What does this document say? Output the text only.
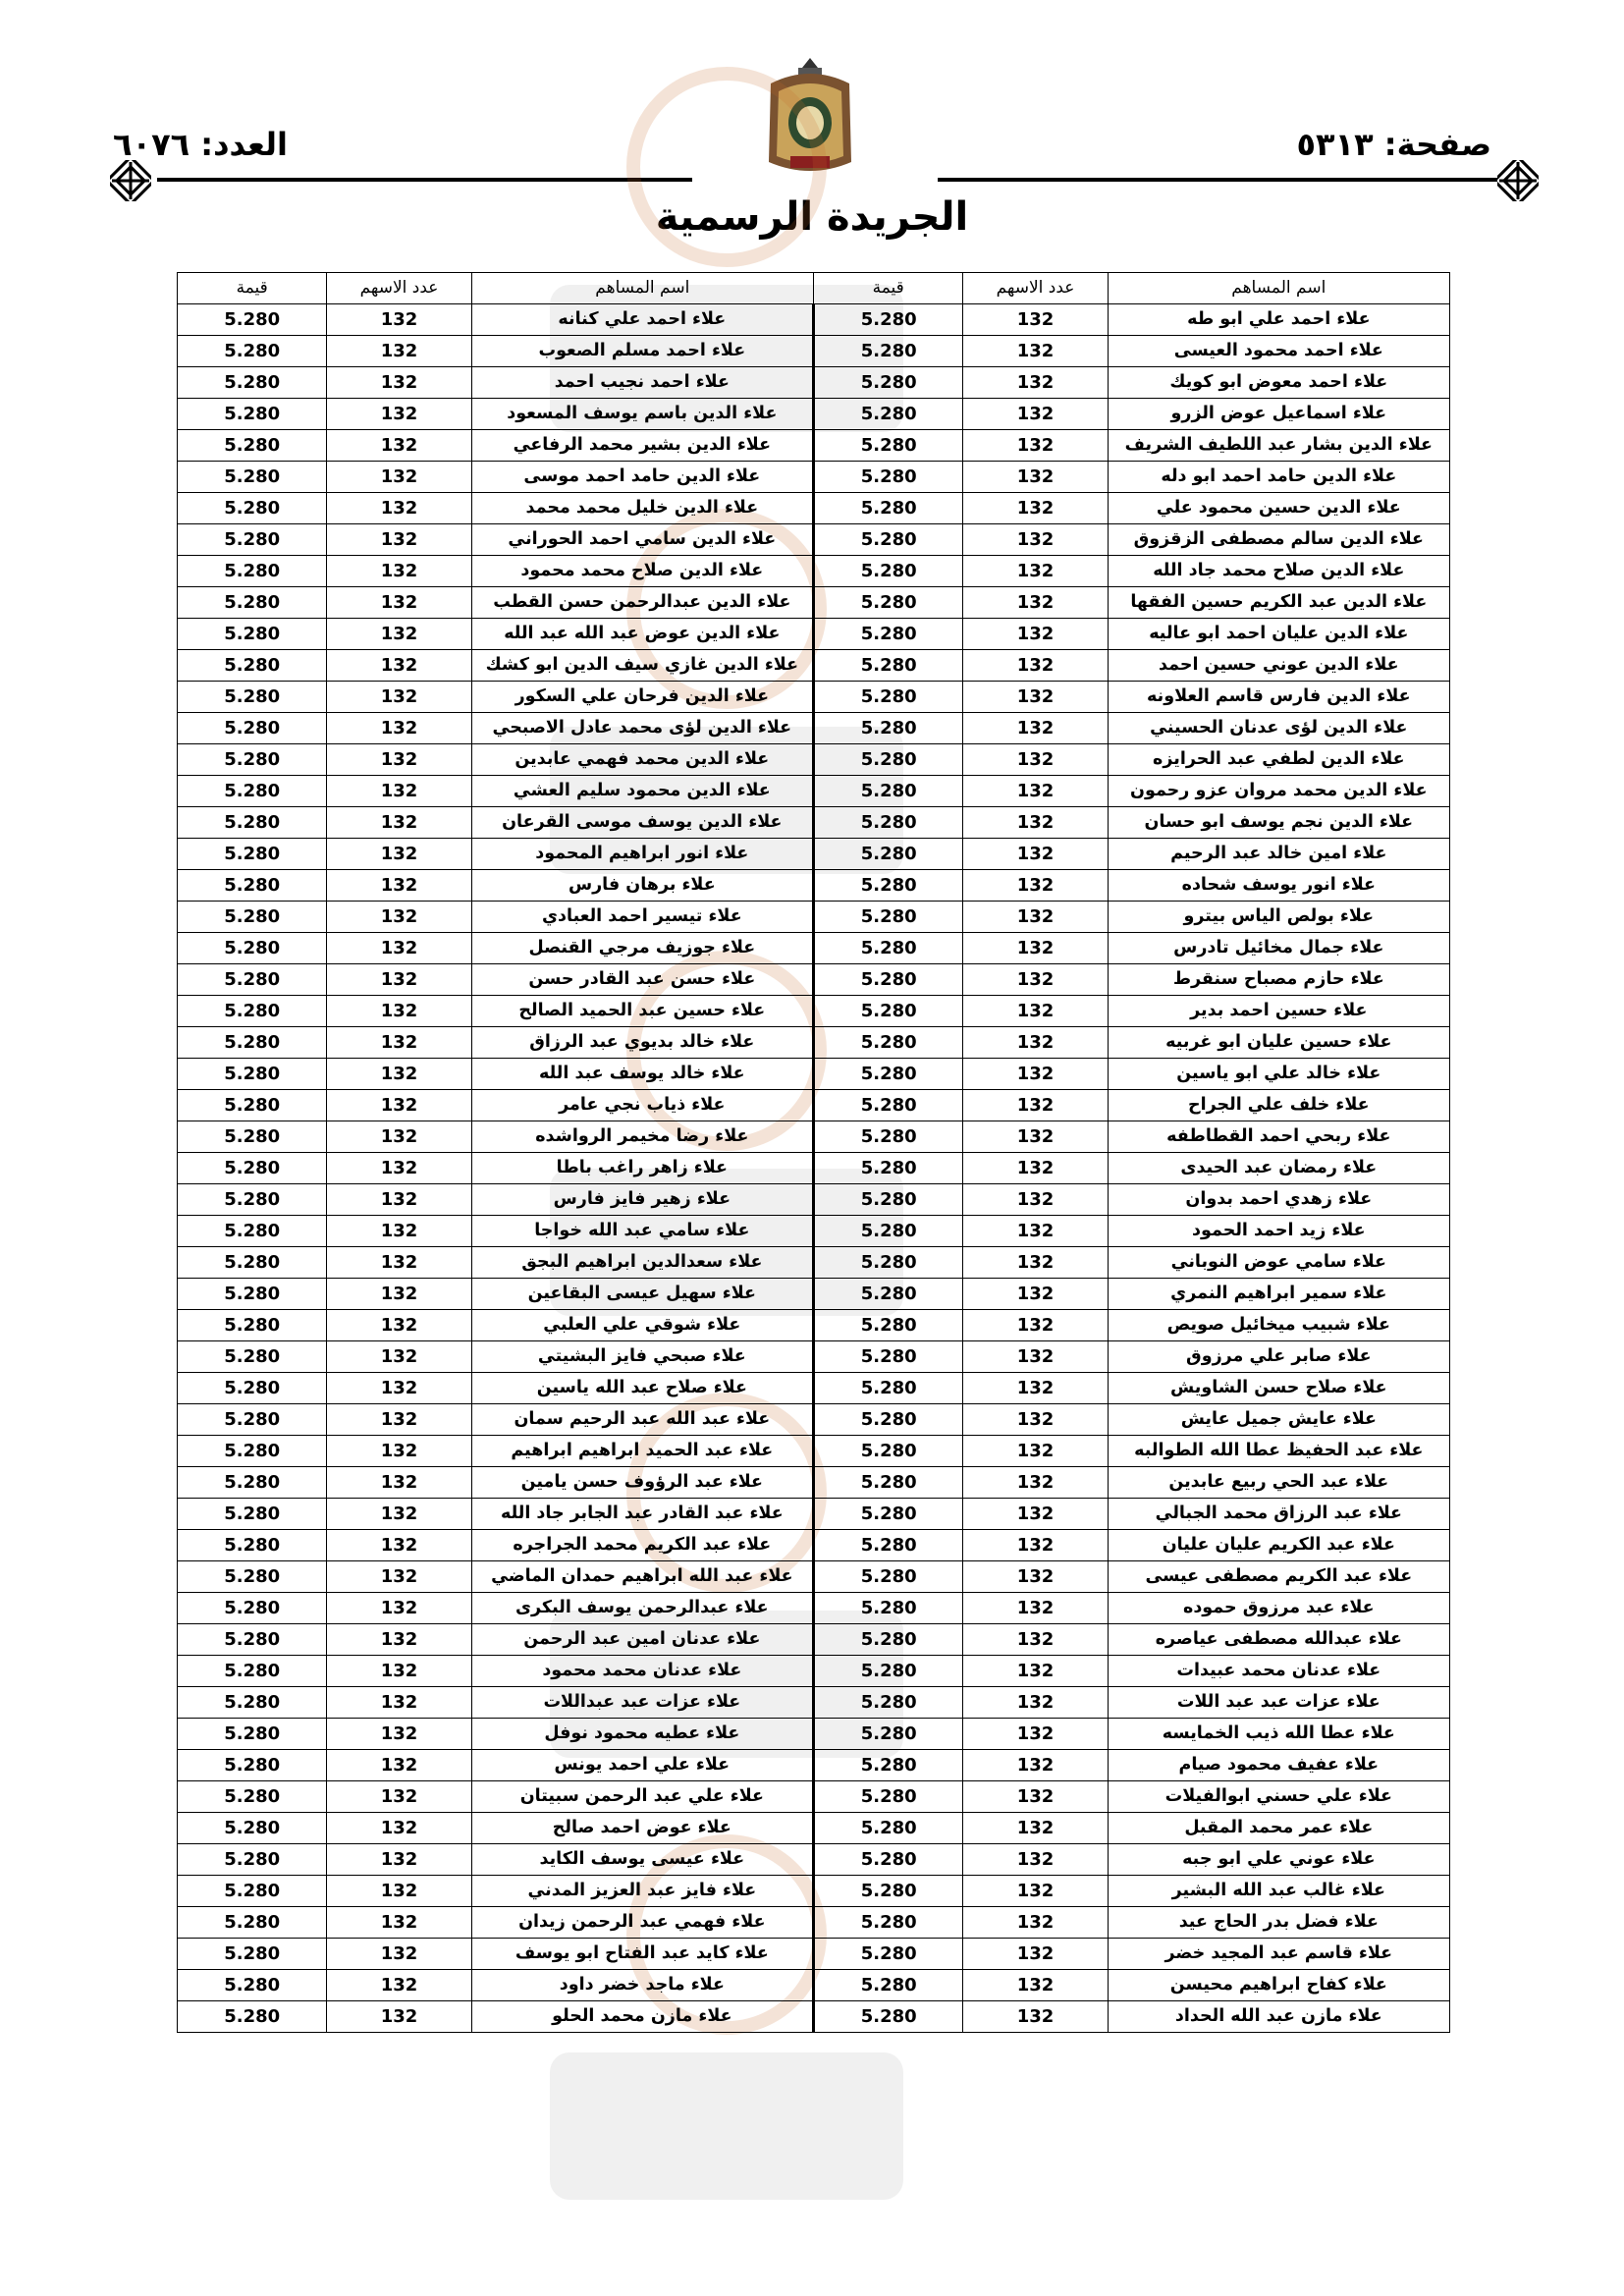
صفحة: ٥٣١٣
العدد: ٦٠٧٦
الجريدة الرسمية
اسم المساهم	عدد الاسهم	قيمة	اسم المساهم	عدد الاسهم	قيمة
علاء احمد علي ابو طه	132	5.280	علاء احمد علي كنانه	132	5.280
علاء احمد محمود العيسى	132	5.280	علاء احمد مسلم الصعوب	132	5.280
علاء احمد معوض ابو كويك	132	5.280	علاء احمد نجيب احمد	132	5.280
علاء اسماعيل عوض الزرو	132	5.280	علاء الدين باسم يوسف المسعود	132	5.280
علاء الدين بشار عبد اللطيف الشريف	132	5.280	علاء الدين بشير محمد الرفاعي	132	5.280
علاء الدين حامد احمد ابو دله	132	5.280	علاء الدين حامد احمد موسى	132	5.280
علاء الدين حسين محمود علي	132	5.280	علاء الدين خليل محمد محمد	132	5.280
علاء الدين سالم مصطفى الزقزوق	132	5.280	علاء الدين سامي احمد الحوراني	132	5.280
علاء الدين صلاح محمد جاد الله	132	5.280	علاء الدين صلاح محمد محمود	132	5.280
علاء الدين عبد الكريم حسين الفقها	132	5.280	علاء الدين عبدالرحمن حسن القطب	132	5.280
علاء الدين عليان احمد ابو عاليه	132	5.280	علاء الدين عوض عبد الله عبد الله	132	5.280
علاء الدين عوني حسين احمد	132	5.280	علاء الدين غازي سيف الدين ابو كشك	132	5.280
علاء الدين فارس قاسم العلاونه	132	5.280	علاء الدين فرحان علي السكور	132	5.280
علاء الدين لؤى عدنان الحسيني	132	5.280	علاء الدين لؤى محمد عادل الاصبحي	132	5.280
علاء الدين لطفي عبد الحرايزه	132	5.280	علاء الدين محمد فهمي عابدين	132	5.280
علاء الدين محمد مروان عزو رحمون	132	5.280	علاء الدين محمود سليم العشي	132	5.280
علاء الدين نجم يوسف ابو حسان	132	5.280	علاء الدين يوسف موسى القرعان	132	5.280
علاء امين خالد عبد الرحيم	132	5.280	علاء انور ابراهيم المحمود	132	5.280
علاء انور يوسف شحاده	132	5.280	علاء برهان فارس	132	5.280
علاء بولص الياس بيترو	132	5.280	علاء تيسير احمد العبادي	132	5.280
علاء جمال مخائيل تادرس	132	5.280	علاء جوزيف مرجي القنصل	132	5.280
علاء حازم مصباح سنقرط	132	5.280	علاء حسن عبد القادر حسن	132	5.280
علاء حسين احمد بدير	132	5.280	علاء حسين عبد الحميد الصالح	132	5.280
علاء حسين عليان ابو غربيه	132	5.280	علاء خالد بديوي عبد الرزاق	132	5.280
علاء خالد علي ابو ياسين	132	5.280	علاء خالد يوسف عبد الله	132	5.280
علاء خلف علي الجراح	132	5.280	علاء ذياب نجي عامر	132	5.280
علاء ربحي احمد القطاطفه	132	5.280	علاء رضا مخيمر الرواشده	132	5.280
علاء رمضان عبد الحيدى	132	5.280	علاء زاهر راغب باطا	132	5.280
علاء زهدي احمد بدوان	132	5.280	علاء زهير فايز فارس	132	5.280
علاء زيد احمد الحمود	132	5.280	علاء سامي عبد الله خواجا	132	5.280
علاء سامي عوض النوباني	132	5.280	علاء سعدالدين ابراهيم البجق	132	5.280
علاء سمير ابراهيم النمري	132	5.280	علاء سهيل عيسى البقاعين	132	5.280
علاء شبيب ميخائيل صويص	132	5.280	علاء شوقي علي العلبي	132	5.280
علاء صابر علي مرزوق	132	5.280	علاء صبحي فايز البشيتي	132	5.280
علاء صلاح حسن الشاويش	132	5.280	علاء صلاح عبد الله ياسين	132	5.280
علاء عايش جميل عايش	132	5.280	علاء عبد الله عبد الرحيم سمان	132	5.280
علاء عبد الحفيظ عطا الله الطوالبه	132	5.280	علاء عبد الحميد ابراهيم ابراهيم	132	5.280
علاء عبد الحي ربيع عابدين	132	5.280	علاء عبد الرؤوف حسن يامين	132	5.280
علاء عبد الرزاق محمد الجبالي	132	5.280	علاء عبد القادر عبد الجابر جاد الله	132	5.280
علاء عبد الكريم عليان عليان	132	5.280	علاء عبد الكريم محمد الجراجره	132	5.280
علاء عبد الكريم مصطفى عيسى	132	5.280	علاء عبد الله ابراهيم حمدان الماضي	132	5.280
علاء عبد مرزوق حموده	132	5.280	علاء عبدالرحمن يوسف البكرى	132	5.280
علاء عبدالله مصطفى عياصره	132	5.280	علاء عدنان امين عبد الرحمن	132	5.280
علاء عدنان محمد عبيدات	132	5.280	علاء عدنان محمد محمود	132	5.280
علاء عزات عبد عبد اللات	132	5.280	علاء عزات عبد عبداللات	132	5.280
علاء عطا الله ذيب الخمايسه	132	5.280	علاء عطيه محمود نوفل	132	5.280
علاء عفيف محمود صيام	132	5.280	علاء علي احمد يونس	132	5.280
علاء علي حسني ابوالفيلات	132	5.280	علاء علي عبد الرحمن سبيتان	132	5.280
علاء عمر محمد المقبل	132	5.280	علاء عوض احمد صالح	132	5.280
علاء عوني علي ابو جبه	132	5.280	علاء عيسى يوسف الكايد	132	5.280
علاء غالب عبد الله البشير	132	5.280	علاء فايز عبد العزيز المدني	132	5.280
علاء فضل بدر الحاج عيد	132	5.280	علاء فهمي عبد الرحمن زيدان	132	5.280
علاء قاسم عبد المجيد خضر	132	5.280	علاء كايد عبد الفتاح ابو يوسف	132	5.280
علاء كفاح ابراهيم محيسن	132	5.280	علاء ماجد خضر داود	132	5.280
علاء مازن عبد الله الحداد	132	5.280	علاء مازن محمد الحلو	132	5.280
